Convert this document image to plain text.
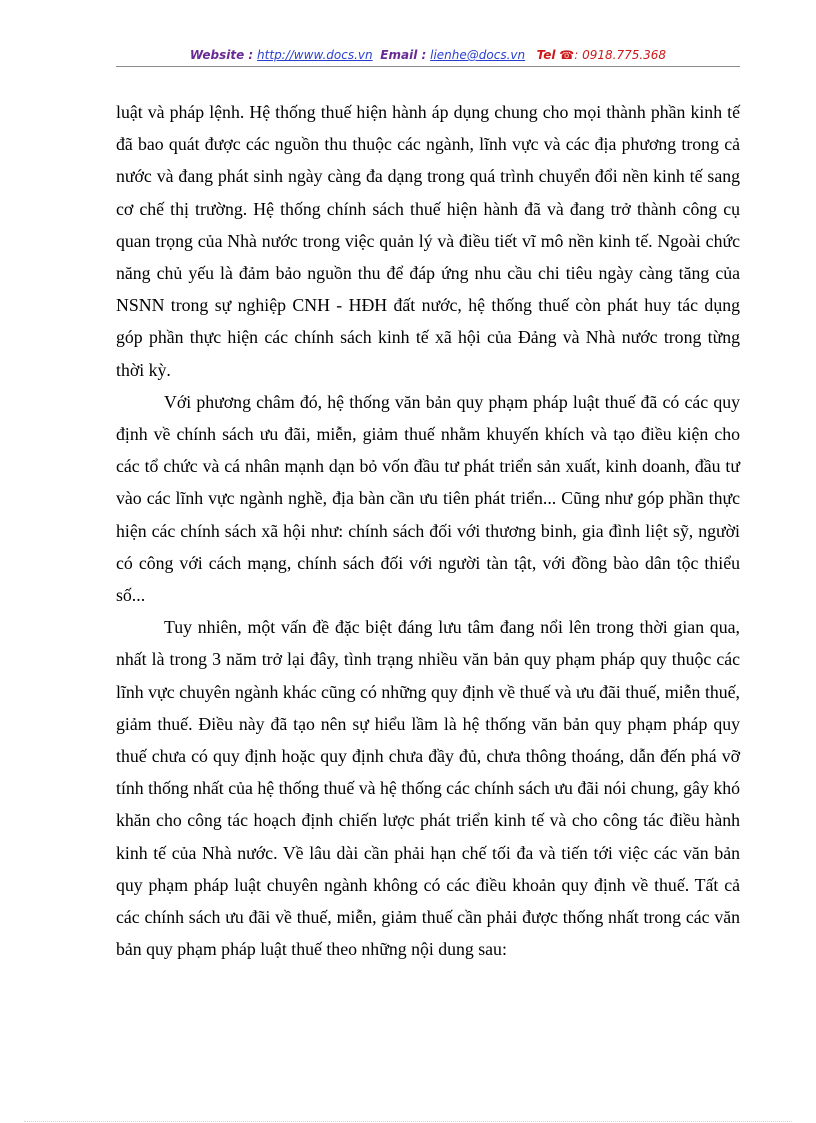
Website : http://www.docs.vn Email : lienhe@docs.vn Tel ☎: 0918.775.368

luật và pháp lệnh. Hệ thống thuế hiện hành áp dụng chung cho mọi thành phần kinh tế đã bao quát được các nguồn thu thuộc các ngành, lĩnh vực và các địa phương trong cả nước và đang phát sinh ngày càng đa dạng trong quá trình chuyển đổi nền kinh tế sang cơ chế thị trường. Hệ thống chính sách thuế hiện hành đã và đang trở thành công cụ quan trọng của Nhà nước trong việc quản lý và điều tiết vĩ mô nền kinh tế. Ngoài chức năng chủ yếu là đảm bảo nguồn thu để đáp ứng nhu cầu chi tiêu ngày càng tăng của NSNN trong sự nghiệp CNH - HĐH đất nước, hệ thống thuế còn phát huy tác dụng góp phần thực hiện các chính sách kinh tế xã hội của Đảng và Nhà nước trong từng thời kỳ.

Với phương châm đó, hệ thống văn bản quy phạm pháp luật thuế đã có các quy định về chính sách ưu đãi, miễn, giảm thuế nhằm khuyến khích và tạo điều kiện cho các tổ chức và cá nhân mạnh dạn bỏ vốn đầu tư phát triển sản xuất, kinh doanh, đầu tư vào các lĩnh vực ngành nghề, địa bàn cần ưu tiên phát triển... Cũng như góp phần thực hiện các chính sách xã hội như: chính sách đối với thương binh, gia đình liệt sỹ, người có công với cách mạng, chính sách đối với người tàn tật, với đồng bào dân tộc thiểu số...

Tuy nhiên, một vấn đề đặc biệt đáng lưu tâm đang nổi lên trong thời gian qua, nhất là trong 3 năm trở lại đây, tình trạng nhiều văn bản quy phạm pháp quy thuộc các lĩnh vực chuyên ngành khác cũng có những quy định về thuế và ưu đãi thuế, miễn thuế, giảm thuế. Điều này đã tạo nên sự hiểu lầm là hệ thống văn bản quy phạm pháp quy thuế chưa có quy định hoặc quy định chưa đầy đủ, chưa thông thoáng, dẫn đến phá vỡ tính thống nhất của hệ thống thuế và hệ thống các chính sách ưu đãi nói chung, gây khó khăn cho công tác hoạch định chiến lược phát triển kinh tế và cho công tác điều hành kinh tế của Nhà nước. Về lâu dài cần phải hạn chế tối đa và tiến tới việc các văn bản quy phạm pháp luật chuyên ngành không có các điều khoản quy định về thuế. Tất cả các chính sách ưu đãi về thuế, miễn, giảm thuế cần phải được thống nhất trong các văn bản quy phạm pháp luật thuế theo những nội dung sau:
